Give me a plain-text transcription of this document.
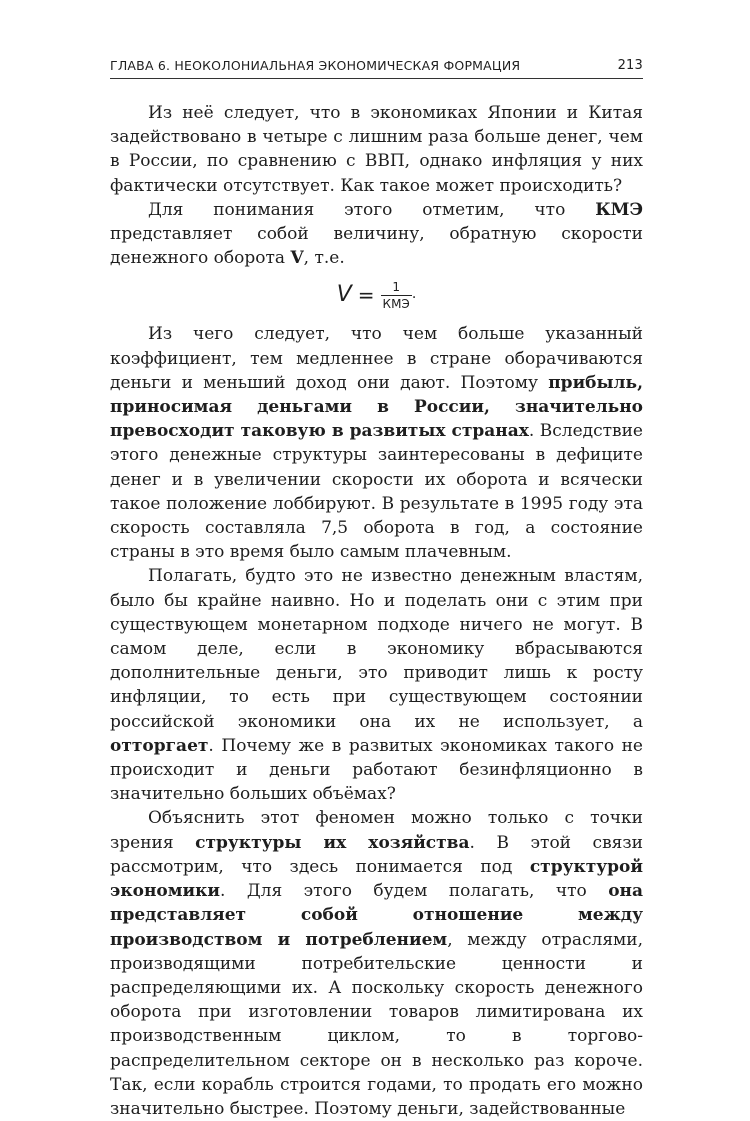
ГЛАВА 6. НЕОКОЛОНИАЛЬНАЯ ЭКОНОМИЧЕСКАЯ ФОРМАЦИЯ	213

Из неё следует, что в экономиках Японии и Китая задействовано в четыре с лишним раза больше денег, чем в России, по сравнению с ВВП, однако инфляция у них фактически отсутствует. Как такое может происходить?

Для понимания этого отметим, что КМЭ представляет собой величину, обратную скорости денежного оборота V, т.е.

$V = \frac{1}{\text{КМЭ}}$ .

Из чего следует, что чем больше указанный коэффициент, тем медленнее в стране оборачиваются деньги и меньший доход они дают. Поэтому прибыль, приносимая деньгами в России, значительно превосходит таковую в развитых странах. Вследствие этого денежные структуры заинтересованы в дефиците денег и в увеличении скорости их оборота и всячески такое положение лоббируют. В результате в 1995 году эта скорость составляла 7,5 оборота в год, а состояние страны в это время было самым плачевным.

Полагать, будто это не известно денежным властям, было бы крайне наивно. Но и поделать они с этим при существующем монетарном подходе ничего не могут. В самом деле, если в экономику вбрасываются дополнительные деньги, это приводит лишь к росту инфляции, то есть при существующем состоянии российской экономики она их не использует, а отторгает. Почему же в развитых экономиках такого не происходит и деньги работают безинфляционно в значительно больших объёмах?

Объяснить этот феномен можно только с точки зрения структуры их хозяйства. В этой связи рассмотрим, что здесь понимается под структурой экономики. Для этого будем полагать, что она представляет собой отношение между производством и потреблением, между отраслями, производящими потребительские ценности и распределяющими их. А поскольку скорость денежного оборота при изготовлении товаров лимитирована их производственным циклом, то в торгово-распределительном секторе он в несколько раз короче. Так, если корабль строится годами, то продать его можно значительно быстрее. Поэтому деньги, задействованные
